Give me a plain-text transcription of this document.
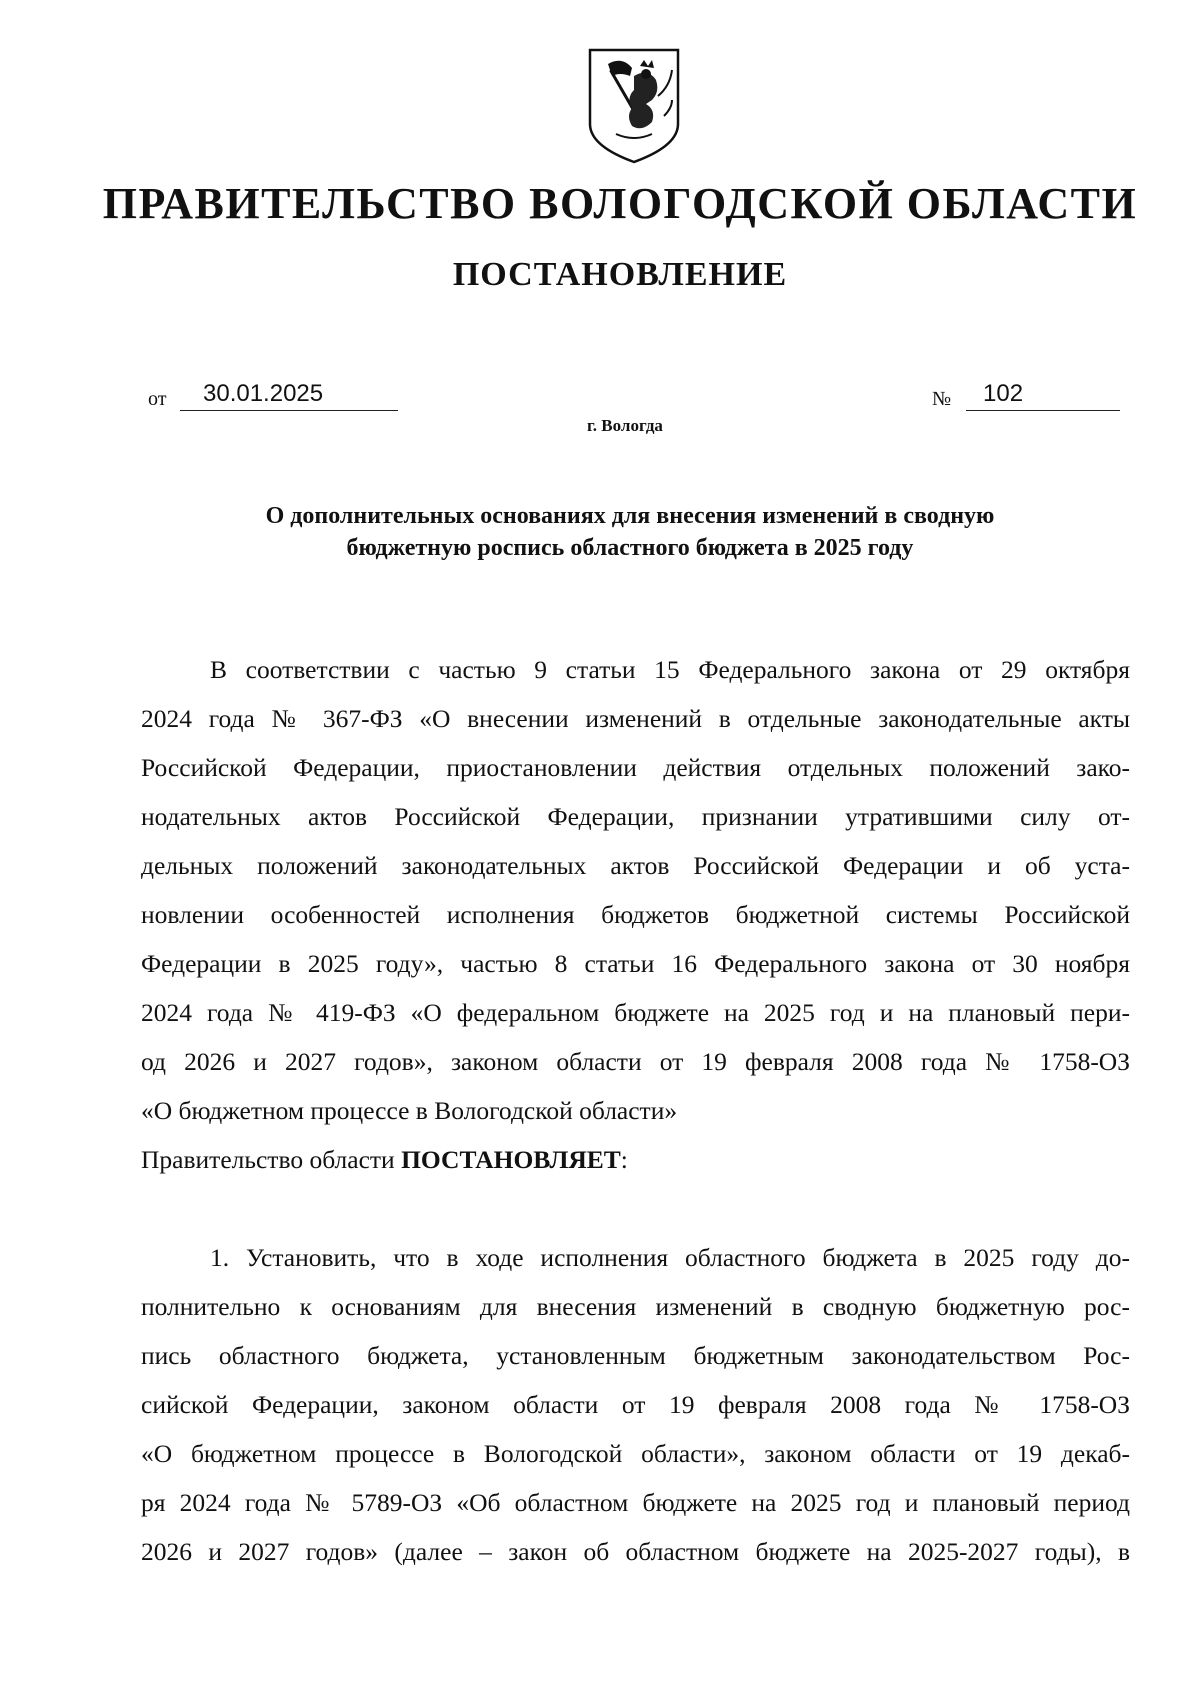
ПРАВИТЕЛЬСТВО ВОЛОГОДСКОЙ ОБЛАСТИ
ПОСТАНОВЛЕНИЕ
от 30.01.2025	№ 102
г. Вологда
О дополнительных основаниях для внесения изменений в сводную
бюджетную роспись областного бюджета в 2025 году
В соответствии с частью 9 статьи 15 Федерального закона от 29 октября
2024 года № 367-ФЗ «О внесении изменений в отдельные законодательные акты
Российской Федерации, приостановлении действия отдельных положений зако-
нодательных актов Российской Федерации, признании утратившими силу от-
дельных положений законодательных актов Российской Федерации и об уста-
новлении особенностей исполнения бюджетов бюджетной системы Российской
Федерации в 2025 году», частью 8 статьи 16 Федерального закона от 30 ноября
2024 года № 419-ФЗ «О федеральном бюджете на 2025 год и на плановый пери-
од 2026 и 2027 годов», законом области от 19 февраля 2008 года № 1758-ОЗ
«О бюджетном процессе в Вологодской области»
Правительство области ПОСТАНОВЛЯЕТ:
1. Установить, что в ходе исполнения областного бюджета в 2025 году до-
полнительно к основаниям для внесения изменений в сводную бюджетную рос-
пись областного бюджета, установленным бюджетным законодательством Рос-
сийской Федерации, законом области от 19 февраля 2008 года № 1758-ОЗ
«О бюджетном процессе в Вологодской области», законом области от 19 декаб-
ря 2024 года № 5789-ОЗ «Об областном бюджете на 2025 год и плановый период
2026 и 2027 годов» (далее – закон об областном бюджете на 2025-2027 годы), в
